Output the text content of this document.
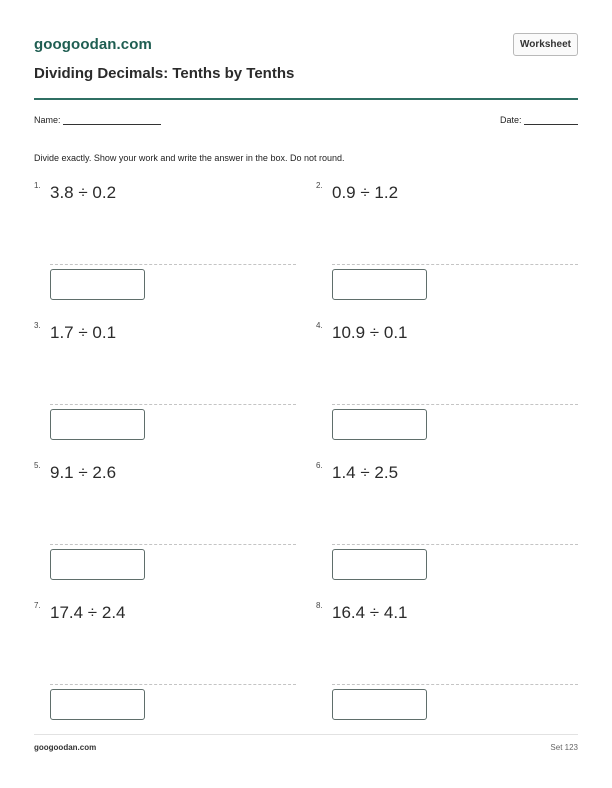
googoodan.com	Worksheet
Dividing Decimals: Tenths by Tenths
Name:	Date:
Divide exactly. Show your work and write the answer in the box. Do not round.
1. 3.8 ÷ 0.2	2. 0.9 ÷ 1.2
3. 1.7 ÷ 0.1	4. 10.9 ÷ 0.1
5. 9.1 ÷ 2.6	6. 1.4 ÷ 2.5
7. 17.4 ÷ 2.4	8. 16.4 ÷ 4.1
googoodan.com	Set 123
